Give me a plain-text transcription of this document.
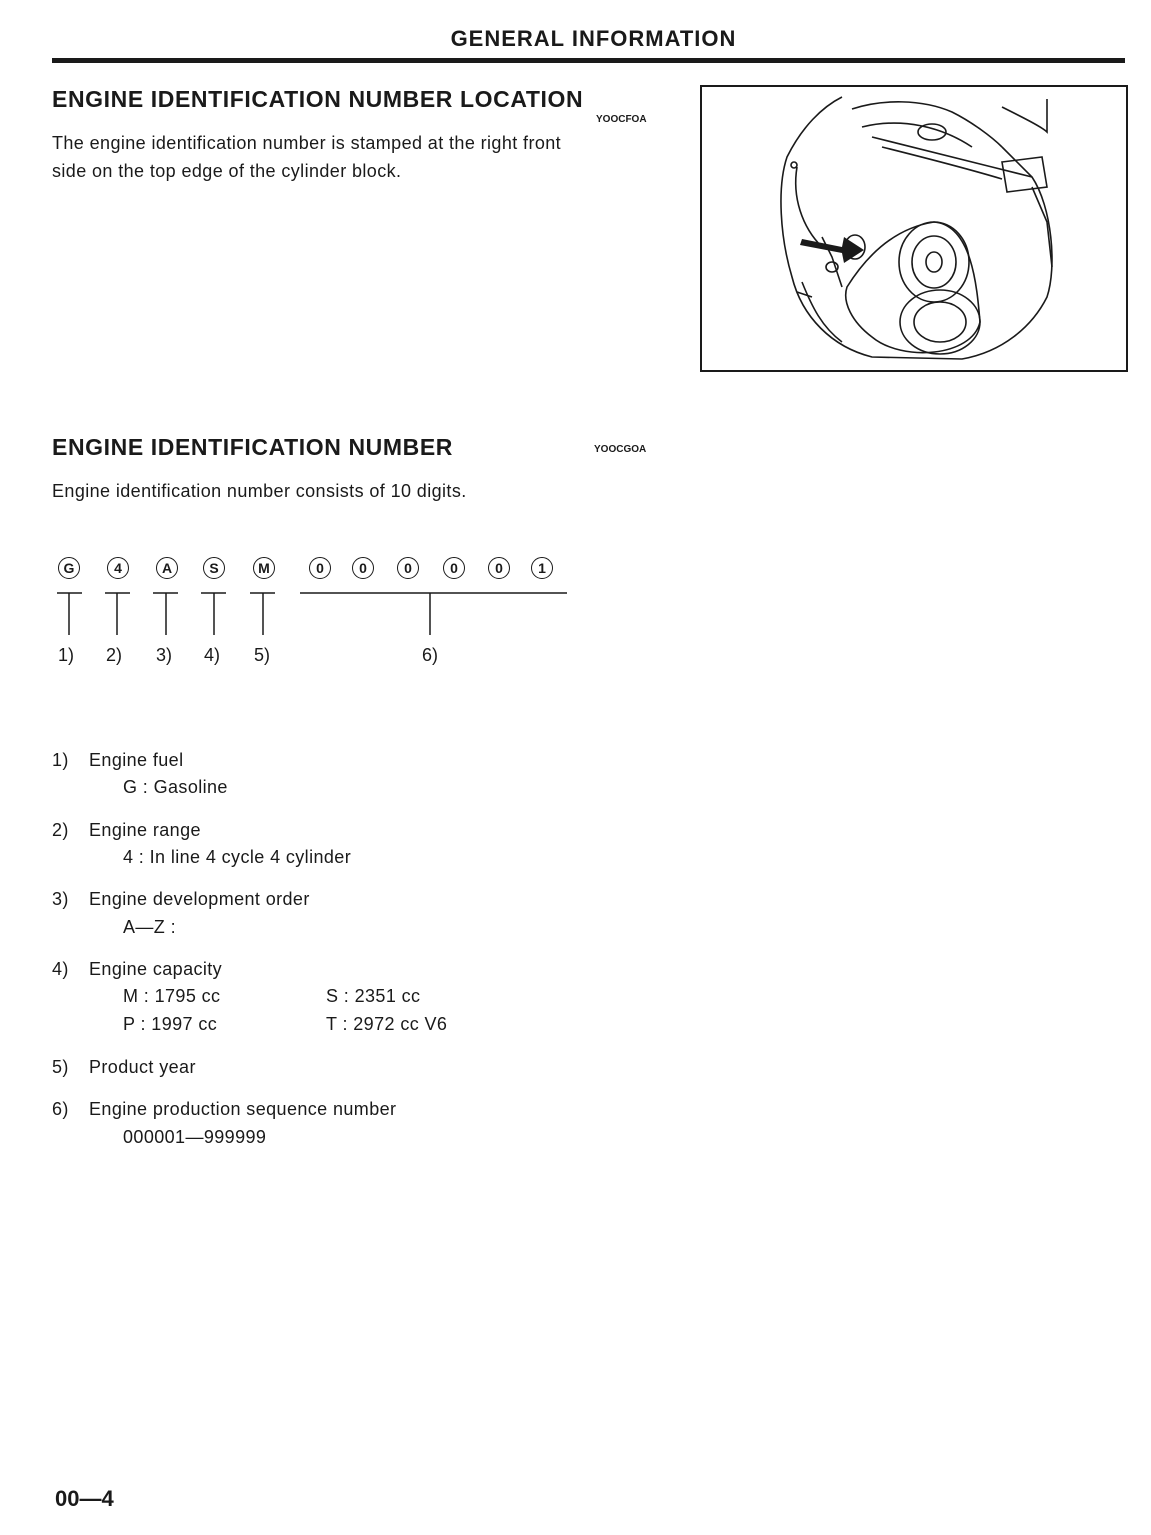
GENERAL INFORMATION
ENGINE IDENTIFICATION NUMBER LOCATION
YOOCFOA
The engine identification number is stamped at the right front
side on the top edge of the cylinder block.
ENGINE IDENTIFICATION NUMBER	YOOCGOA
Engine identification number consists of 10 digits.
G	4	A	S	M	0	0	0	0	0	1
1) 2) 3) 4) 5)	6)
1) Engine fuel
G : Gasoline
2) Engine range
4 : In line 4 cycle 4 cylinder
3) Engine development order
A—Z :
4) Engine capacity
M : 1795 cc	S : 2351 cc
P : 1997 cc	T : 2972 cc V6
5) Product year
6) Engine production sequence number
000001—999999
00—4
